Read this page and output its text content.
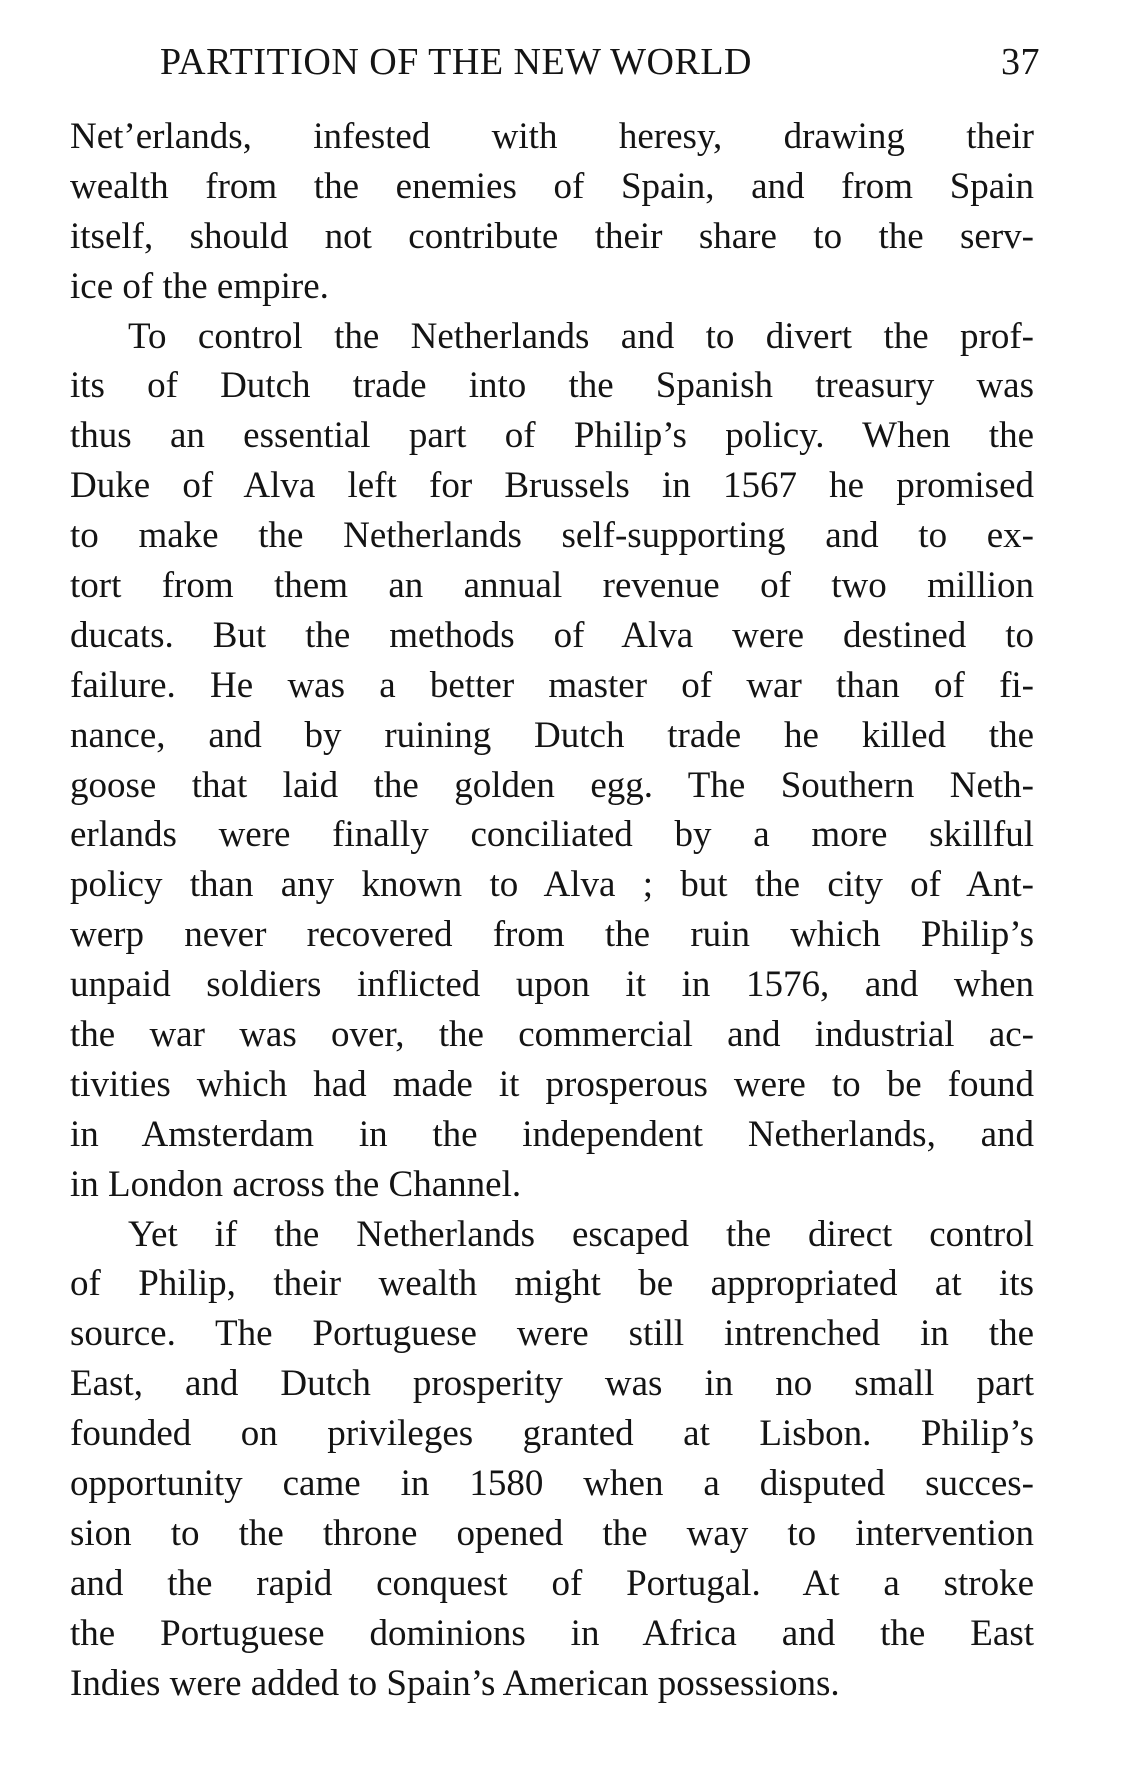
PARTITION OF THE NEW WORLD	37
Net’erlands, infested with heresy, drawing their
wealth from the enemies of Spain, and from Spain
itself, should not contribute their share to the serv-
ice of the empire.
To control the Netherlands and to divert the prof-
its of Dutch trade into the Spanish treasury was
thus an essential part of Philip’s policy. When the
Duke of Alva left for Brussels in 1567 he promised
to make the Netherlands self-supporting and to ex-
tort from them an annual revenue of two million
ducats. But the methods of Alva were destined to
failure. He was a better master of war than of fi-
nance, and by ruining Dutch trade he killed the
goose that laid the golden egg. The Southern Neth-
erlands were finally conciliated by a more skillful
policy than any known to Alva ; but the city of Ant-
werp never recovered from the ruin which Philip’s
unpaid soldiers inflicted upon it in 1576, and when
the war was over, the commercial and industrial ac-
tivities which had made it prosperous were to be found
in Amsterdam in the independent Netherlands, and
in London across the Channel.
Yet if the Netherlands escaped the direct control
of Philip, their wealth might be appropriated at its
source. The Portuguese were still intrenched in the
East, and Dutch prosperity was in no small part
founded on privileges granted at Lisbon. Philip’s
opportunity came in 1580 when a disputed succes-
sion to the throne opened the way to intervention
and the rapid conquest of Portugal. At a stroke
the Portuguese dominions in Africa and the East
Indies were added to Spain’s American possessions.
